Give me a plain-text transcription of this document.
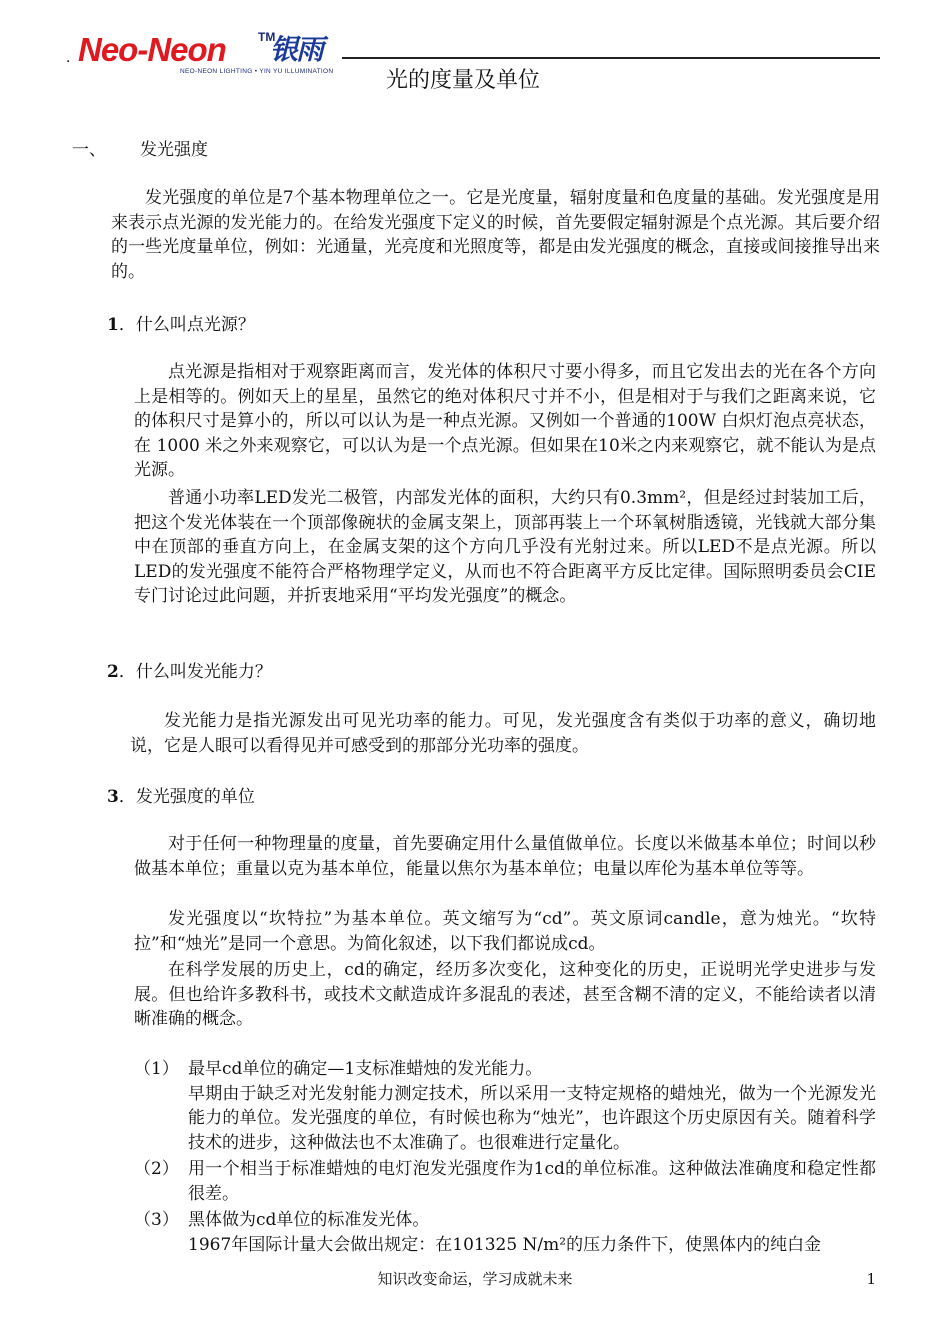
· Neo-Neon	TM
银雨
NEO-NEON LIGHTING • YIN YU ILLUMINATION 光的度量及单位
一、 发光强度

发光强度的单位是7个基本物理单位之一。它是光度量，辐射度量和色度量的基础。发光强度是用来表示点光源的发光能力的。在给发光强度下定义的时候，首先要假定辐射源是个点光源。其后要介绍的一些光度量单位，例如：光通量，光亮度和光照度等，都是由发光强度的概念，直接或间接推导出来的。

1．什么叫点光源？

点光源是指相对于观察距离而言，发光体的体积尺寸要小得多，而且它发出去的光在各个方向上是相等的。例如天上的星星，虽然它的绝对体积尺寸并不小，但是相对于与我们之距离来说，它的体积尺寸是算小的，所以可以认为是一种点光源。又例如一个普通的100W 白炽灯泡点亮状态，在 1000 米之外来观察它，可以认为是一个点光源。但如果在10米之内来观察它，就不能认为是点光源。

普通小功率LED发光二极管，内部发光体的面积，大约只有0.3mm²，但是经过封装加工后，把这个发光体装在一个顶部像碗状的金属支架上，顶部再装上一个环氧树脂透镜，光钱就大部分集中在顶部的垂直方向上，在金属支架的这个方向几乎没有光射过来。所以LED不是点光源。所以LED的发光强度不能符合严格物理学定义，从而也不符合距离平方反比定律。国际照明委员会CIE专门讨论过此问题，并折衷地采用“平均发光强度”的概念。

2．什么叫发光能力？

发光能力是指光源发出可见光功率的能力。可见，发光强度含有类似于功率的意义，确切地说，它是人眼可以看得见并可感受到的那部分光功率的强度。

3．发光强度的单位

对于任何一种物理量的度量，首先要确定用什么量值做单位。长度以米做基本单位；时间以秒做基本单位；重量以克为基本单位，能量以焦尔为基本单位；电量以库伦为基本单位等等。

发光强度以“坎特拉”为基本单位。英文缩写为“cd”。英文原词candle，意为烛光。“坎特拉”和“烛光”是同一个意思。为简化叙述，以下我们都说成cd。

在科学发展的历史上，cd的确定，经历多次变化，这种变化的历史，正说明光学史进步与发展。但也给许多教科书，或技术文献造成许多混乱的表述，甚至含糊不清的定义，不能给读者以清晰准确的概念。

（1） 最早cd单位的确定—1支标准蜡烛的发光能力。
早期由于缺乏对光发射能力测定技术，所以采用一支特定规格的蜡烛光，做为一个光源发光能力的单位。发光强度的单位，有时候也称为“烛光”，也许跟这个历史原因有关。随着科学技术的进步，这种做法也不太准确了。也很难进行定量化。

（2） 用一个相当于标准蜡烛的电灯泡发光强度作为1cd的单位标准。这种做法准确度和稳定性都很差。

（3） 黑体做为cd单位的标准发光体。
1967年国际计量大会做出规定：在101325 N/m²的压力条件下，使黑体内的纯白金

知识改变命运，学习成就未来	1
